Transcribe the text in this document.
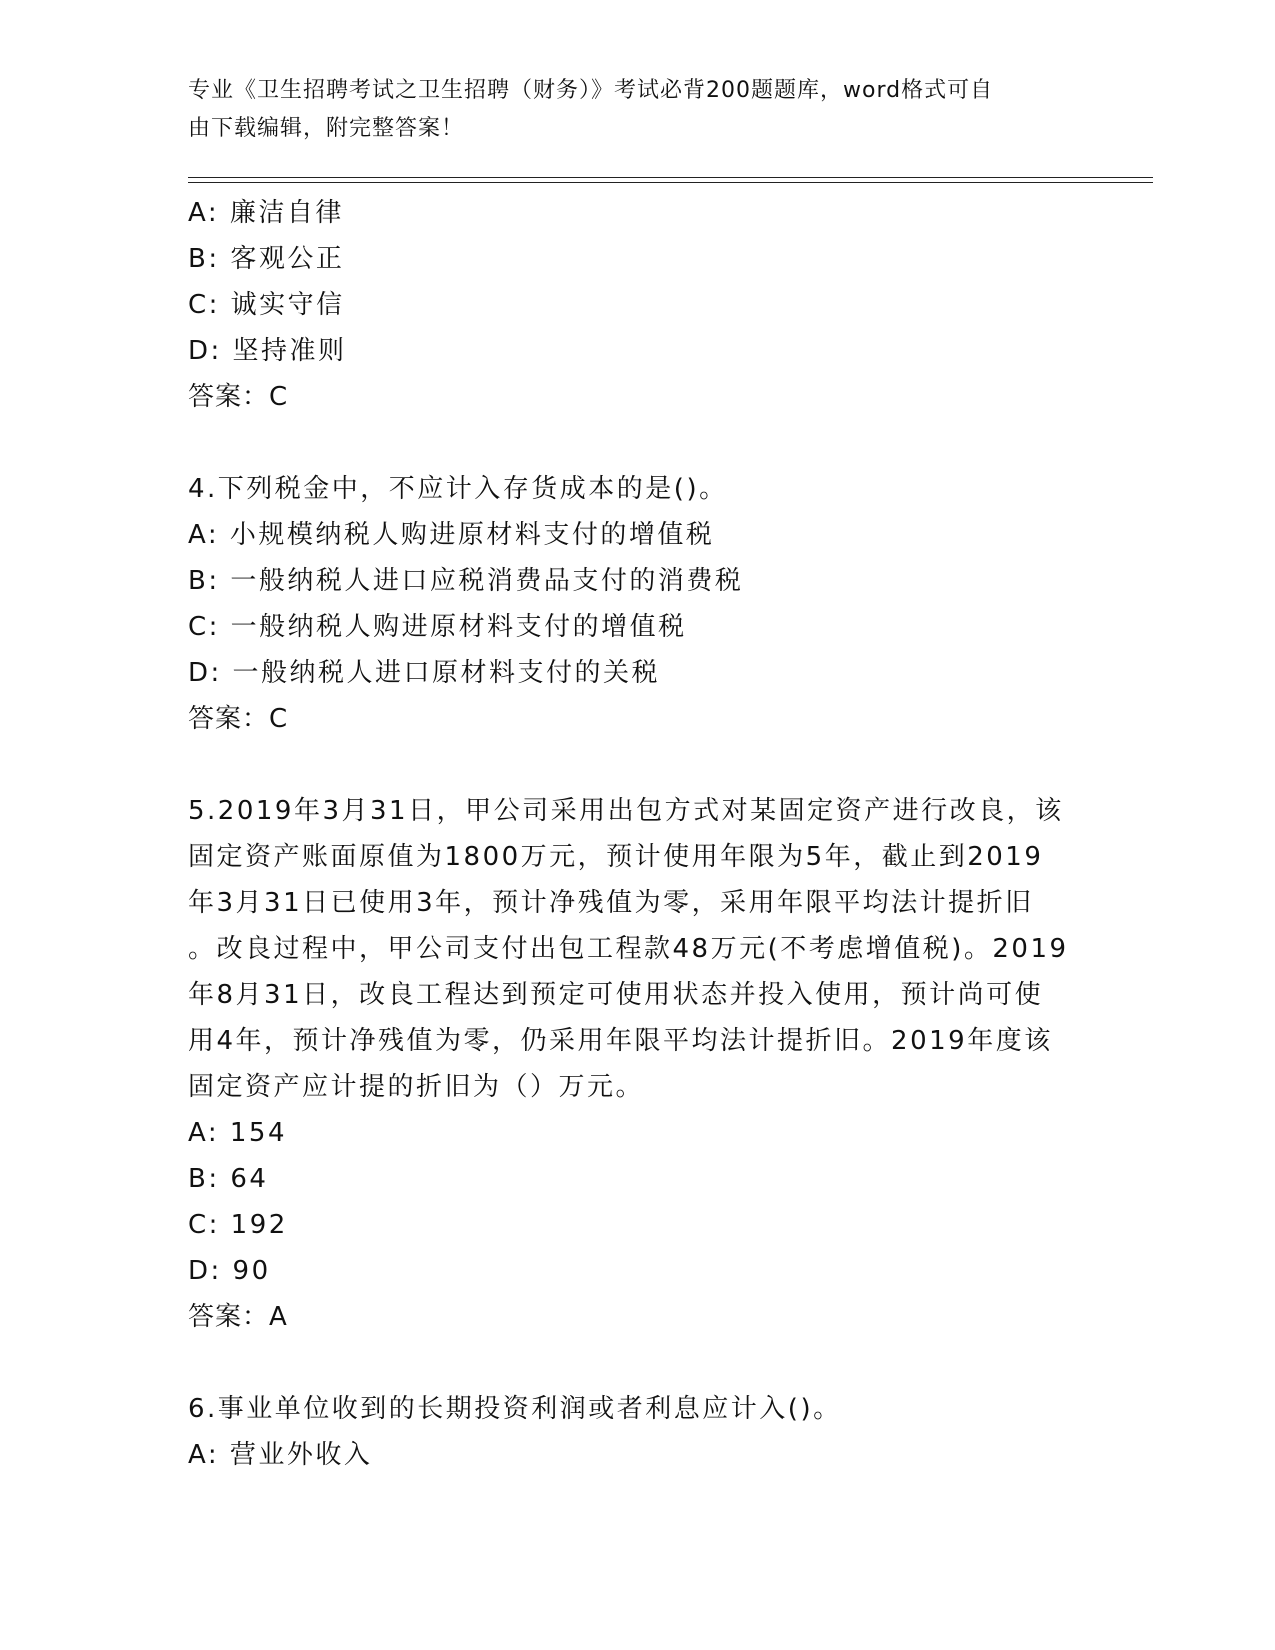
专业《卫生招聘考试之卫生招聘（财务）》考试必背200题题库，word格式可自
由下载编辑，附完整答案！
A: 廉洁自律
B: 客观公正
C: 诚实守信
D: 坚持准则
答案：C
4.下列税金中，不应计入存货成本的是()。
A: 小规模纳税人购进原材料支付的增值税
B: 一般纳税人进口应税消费品支付的消费税
C: 一般纳税人购进原材料支付的增值税
D: 一般纳税人进口原材料支付的关税
答案：C
5.2019年3月31日，甲公司采用出包方式对某固定资产进行改良，该
固定资产账面原值为1800万元，预计使用年限为5年，截止到2019
年3月31日已使用3年，预计净残值为零，采用年限平均法计提折旧
。改良过程中，甲公司支付出包工程款48万元(不考虑增值税)。2019
年8月31日，改良工程达到预定可使用状态并投入使用，预计尚可使
用4年，预计净残值为零，仍采用年限平均法计提折旧。2019年度该
固定资产应计提的折旧为（）万元。
A: 154
B: 64
C: 192
D: 90
答案：A
6.事业单位收到的长期投资利润或者利息应计入()。
A: 营业外收入
